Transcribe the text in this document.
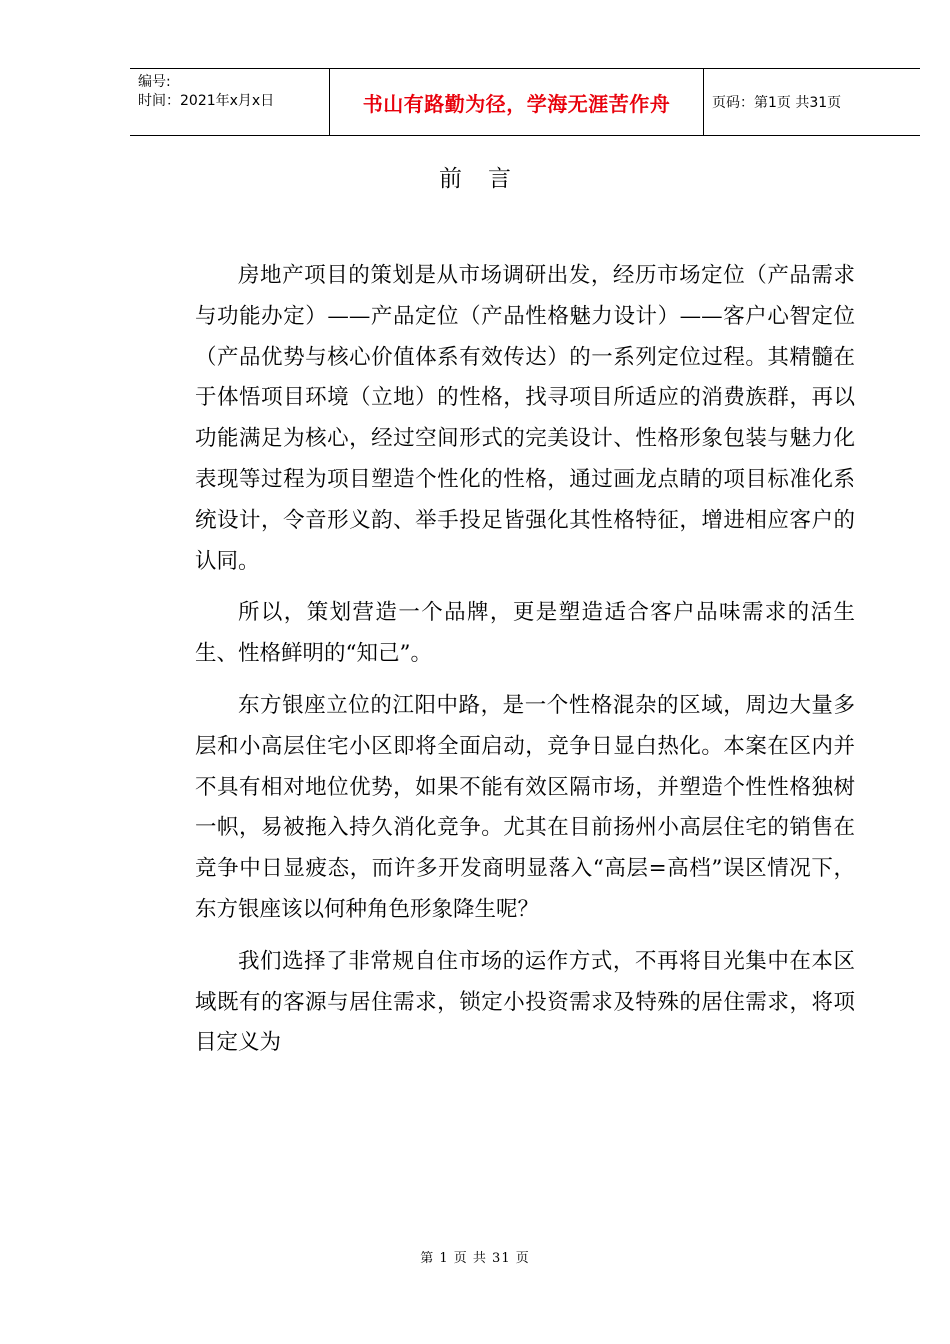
编号:
时间：2021年x月x日	书山有路勤为径，学海无涯苦作舟	页码：第1页 共31页
前言

房地产项目的策划是从市场调研出发，经历市场定位（产品需求与功能办定）——产品定位（产品性格魅力设计）——客户心智定位（产品优势与核心价值体系有效传达）的一系列定位过程。其精髓在于体悟项目环境（立地）的性格，找寻项目所适应的消费族群，再以功能满足为核心，经过空间形式的完美设计、性格形象包装与魅力化表现等过程为项目塑造个性化的性格，通过画龙点睛的项目标准化系统设计，令音形义韵、举手投足皆强化其性格特征，增进相应客户的认同。

所以，策划营造一个品牌，更是塑造适合客户品味需求的活生生、性格鲜明的“知己”。

东方银座立位的江阳中路，是一个性格混杂的区域，周边大量多层和小高层住宅小区即将全面启动，竞争日显白热化。本案在区内并不具有相对地位优势，如果不能有效区隔市场，并塑造个性性格独树一帜，易被拖入持久消化竞争。尤其在目前扬州小高层住宅的销售在竞争中日显疲态，而许多开发商明显落入“高层=高档”误区情况下，东方银座该以何种角色形象降生呢？

我们选择了非常规自住市场的运作方式，不再将目光集中在本区域既有的客源与居住需求，锁定小投资需求及特殊的居住需求，将项目定义为

第 1 页 共 31 页
